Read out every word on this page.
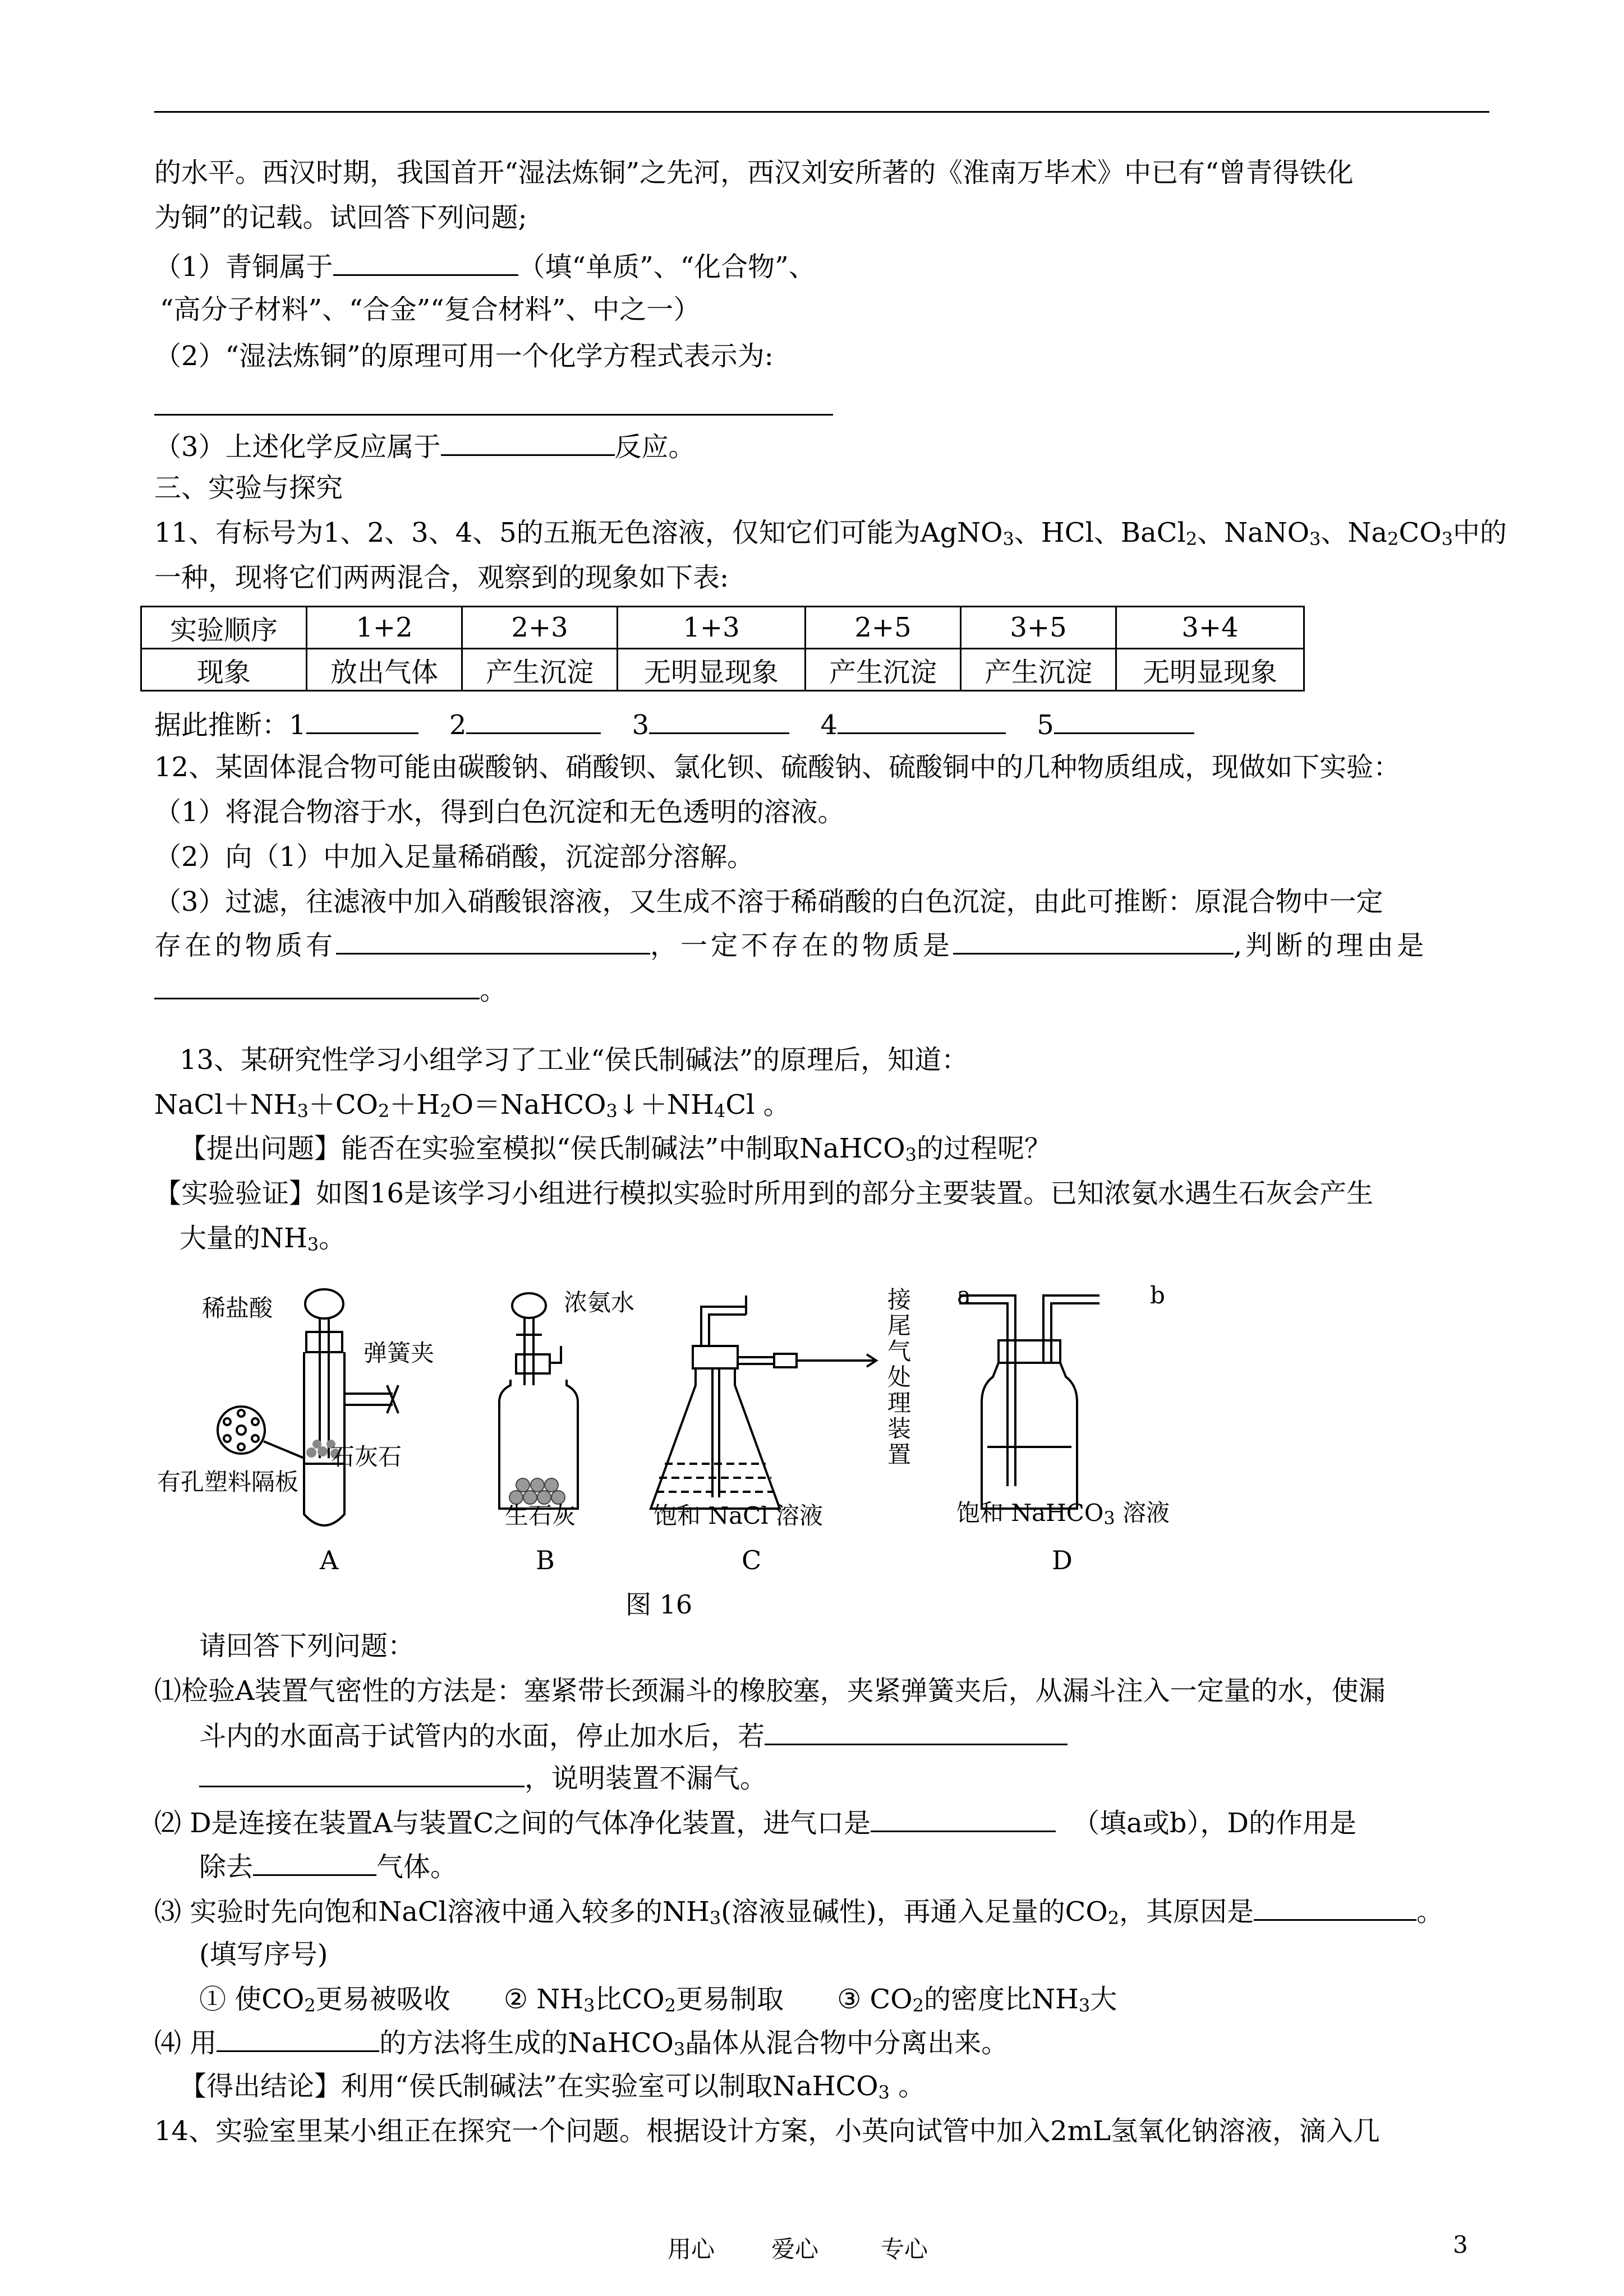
的水平。西汉时期，我国首开“湿法炼铜”之先河，西汉刘安所著的《淮南万毕术》中已有“曾青得铁化
为铜”的记载。试回答下列问题;
（1）青铜属于	（填“单质”、“化合物”、
“高分子材料”、“合金”“复合材料”、中之一）
（2）“湿法炼铜”的原理可用一个化学方程式表示为:
（3）上述化学反应属于	反应。
三、实验与探究
11、有标号为1、2、3、4、5的五瓶无色溶液，仅知它们可能为AgNO$_3$、HCl、BaCl$_2$、NaNO$_3$、$Na_2CO_3$中的
一种，现将它们两两混合，观察到的现象如下表:
实验顺序	1+2	2+3	1+3	2+5	3+5	3+4
现象	放出气体	产生沉淀	无明显现象	产生沉淀	产生沉淀	无明显现象
据此推断：1	2	3	4	5
12、某固体混合物可能由碳酸钠、硝酸钡、氯化钡、硫酸钠、硫酸铜中的几种物质组成，现做如下实验：
（1）将混合物溶于水，得到白色沉淀和无色透明的溶液。
（2）向（1）中加入足量稀硝酸，沉淀部分溶解。
（3）过滤，往滤液中加入硝酸银溶液，又生成不溶于稀硝酸的白色沉淀，由此可推断：原混合物中一定
存在的物质有	，一定不存在的物质是	,判断的理由是
。
13、某研究性学习小组学习了工业“侯氏制碱法”的原理后，知道：
$NaCl+NH_3+CO_2+H_2O=NaHCO_3↓+NH_4Cl$ 。
【提出问题】能否在实验室模拟“侯氏制碱法”中制取NaHCO$_3$的过程呢？
【实验验证】如图16是该学习小组进行模拟实验时所用到的部分主要装置。已知浓氨水遇生石灰会产生
大量的$NH_3$。
稀盐酸
弹簧夹
石灰石
有孔塑料隔板
浓氨水
生石灰	饱和 NaCl 溶液
接
尾
气
处
理
装
置
a	b
饱和 NaHCO$_3$ 溶液
A	B	C	D
图 16
请回答下列问题：
⑴检验A装置气密性的方法是：塞紧带长颈漏斗的橡胶塞，夹紧弹簧夹后，从漏斗注入一定量的水，使漏
斗内的水面高于试管内的水面，停止加水后，若
，说明装置不漏气。
⑵ D是连接在装置A与装置C之间的气体净化装置，进气口是	（填a或b），D的作用是
除去	气体。
⑶ 实验时先向饱和NaCl溶液中通入较多的$NH_3$(溶液显碱性)，再通入足量的$CO_2$，其原因是	。
(填写序号)
① 使$CO_2$更易被吸收 ② $NH_3$比$CO_2$更易制取 ③ $CO_2$的密度比$NH_3$大
⑷ 用	的方法将生成的NaHCO$_3$晶体从混合物中分离出来。
【得出结论】利用“侯氏制碱法”在实验室可以制取NaHCO$_3$ 。
14、实验室里某小组正在探究一个问题。根据设计方案，小英向试管中加入2mL氢氧化钠溶液，滴入几
用心 爱心	专心	3
